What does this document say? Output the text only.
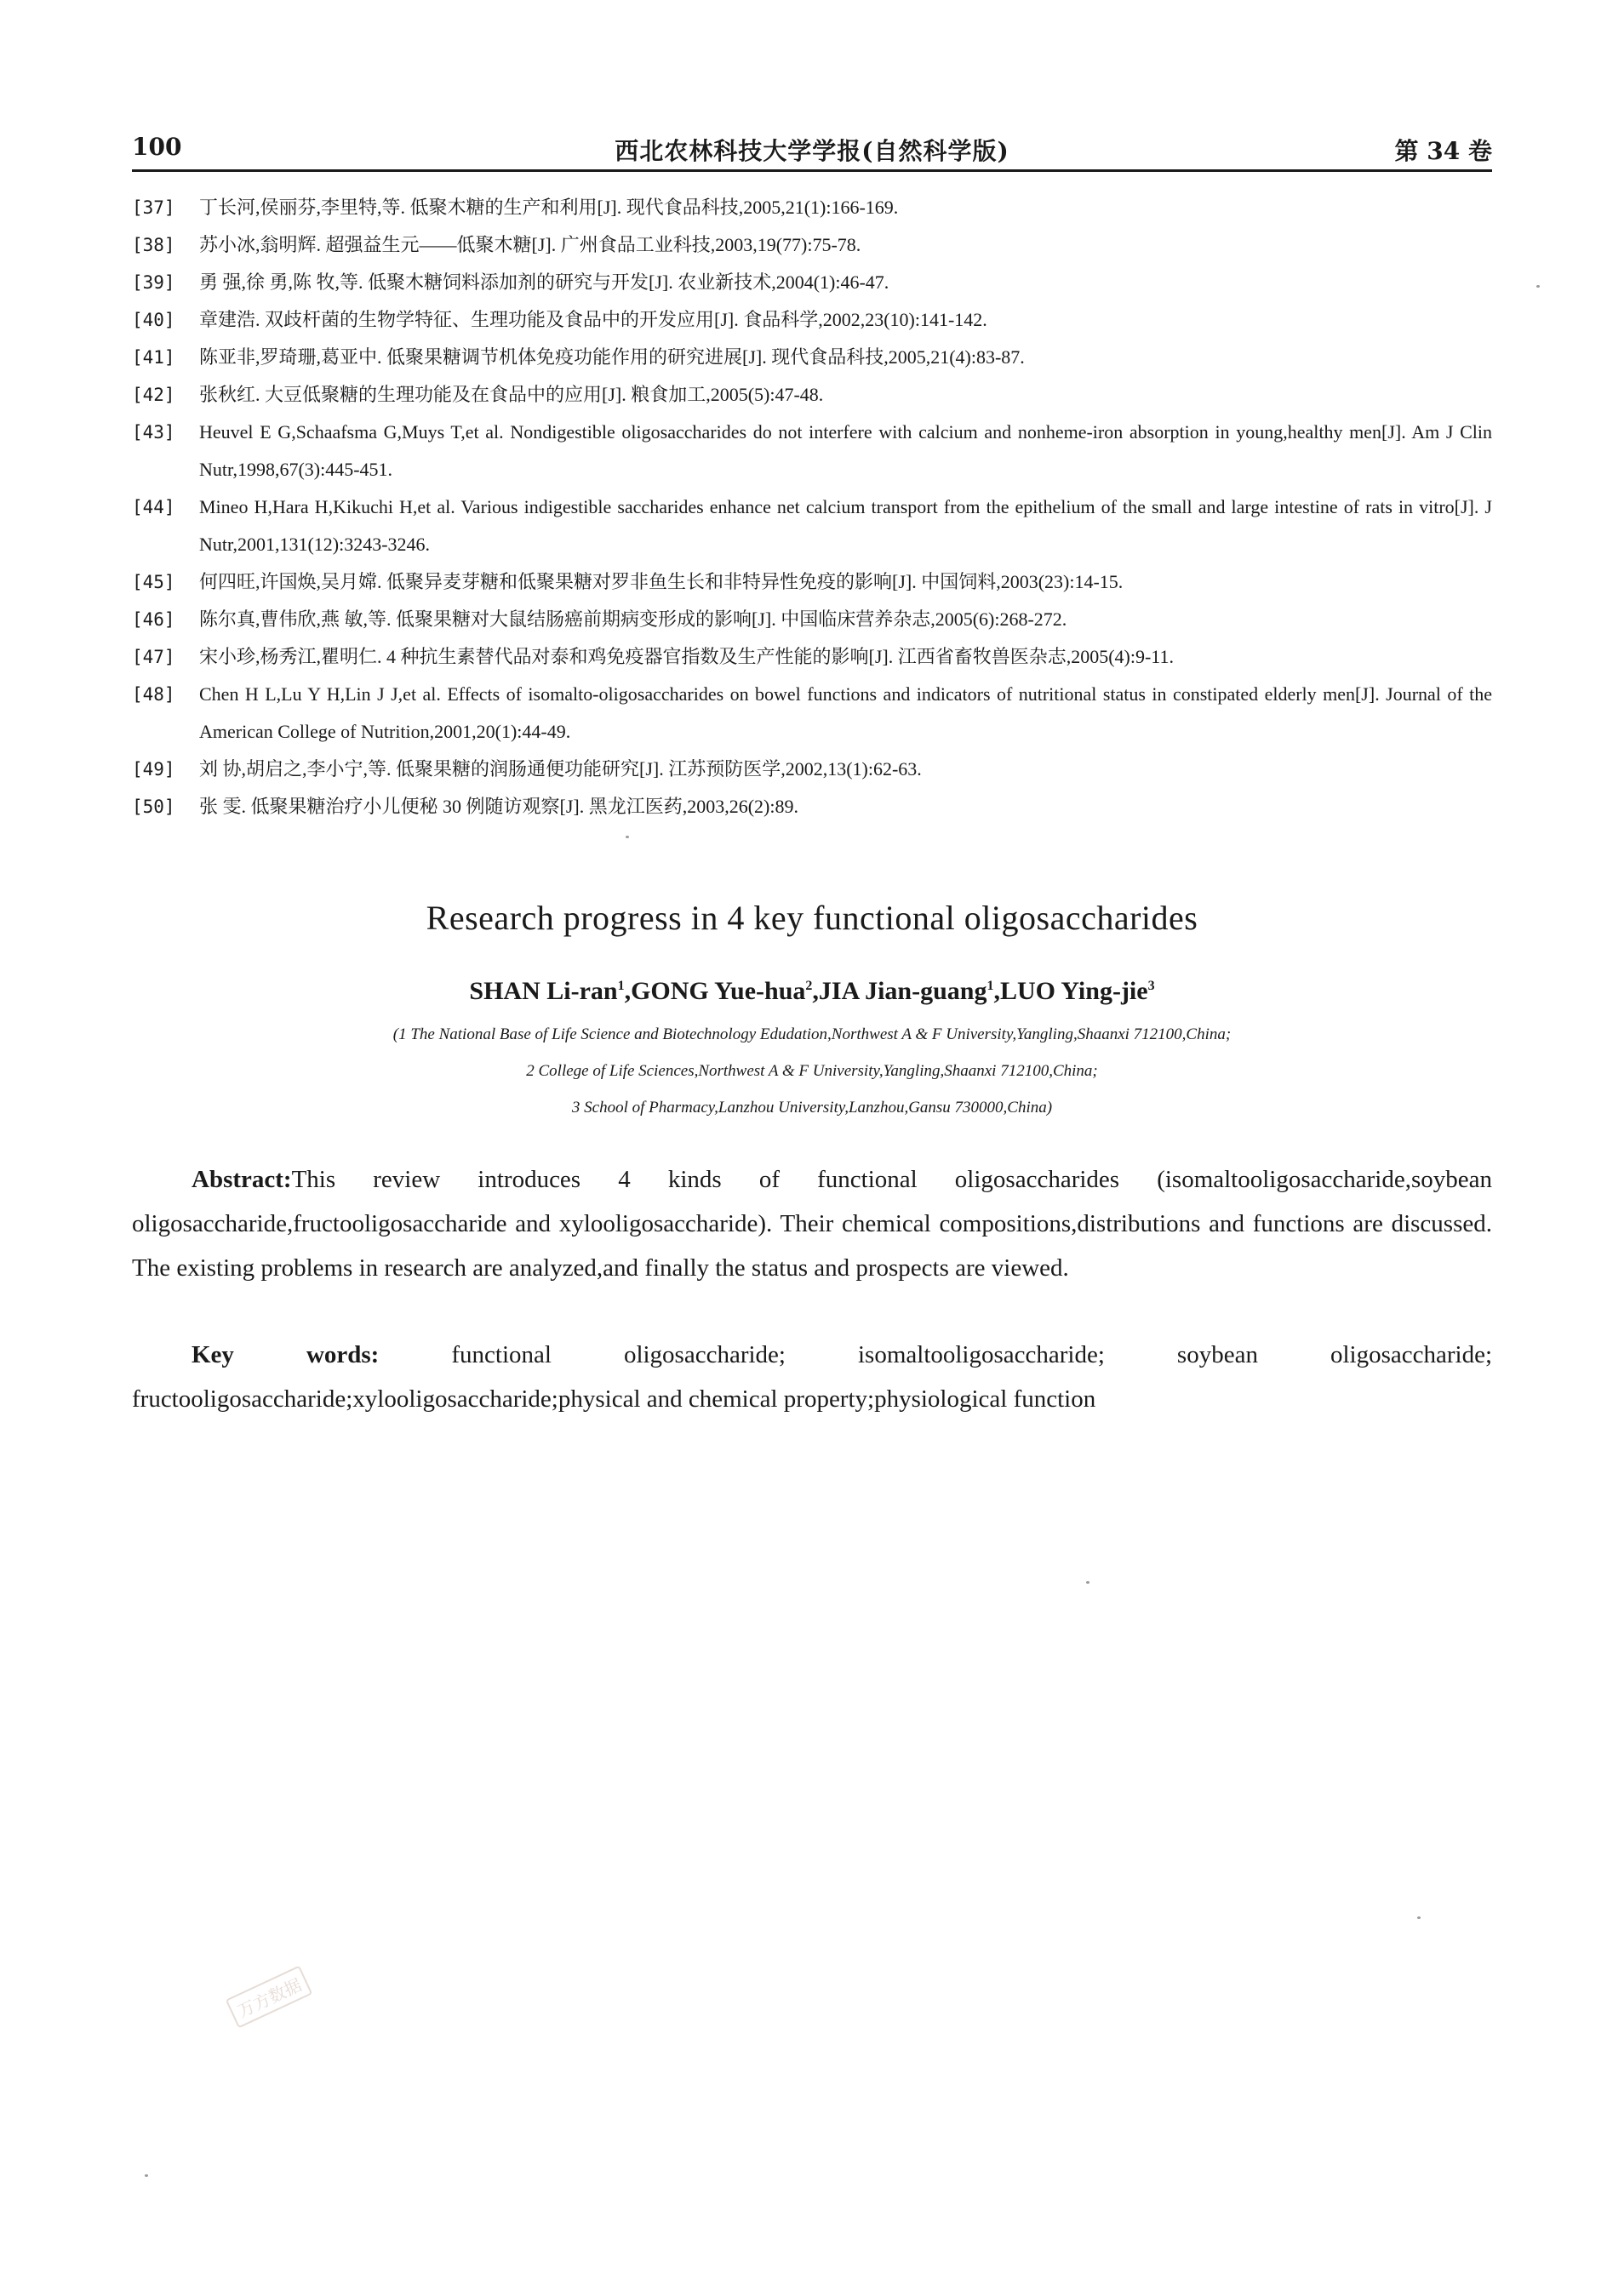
100	西北农林科技大学学报(自然科学版)	第 34 卷
[37]	丁长河,侯丽芬,李里特,等. 低聚木糖的生产和利用[J]. 现代食品科技,2005,21(1):166-169.
[38]	苏小冰,翁明辉. 超强益生元——低聚木糖[J]. 广州食品工业科技,2003,19(77):75-78.
[39]	勇 强,徐 勇,陈 牧,等. 低聚木糖饲料添加剂的研究与开发[J]. 农业新技术,2004(1):46-47.
[40]	章建浩. 双歧杆菌的生物学特征、生理功能及食品中的开发应用[J]. 食品科学,2002,23(10):141-142.
[41]	陈亚非,罗琦珊,葛亚中. 低聚果糖调节机体免疫功能作用的研究进展[J]. 现代食品科技,2005,21(4):83-87.
[42]	张秋红. 大豆低聚糖的生理功能及在食品中的应用[J]. 粮食加工,2005(5):47-48.
[43]	Heuvel E G,Schaafsma G,Muys T,et al. Nondigestible oligosaccharides do not interfere with calcium and nonheme-iron absorption in young,healthy men[J]. Am J Clin Nutr,1998,67(3):445-451.
[44]	Mineo H,Hara H,Kikuchi H,et al. Various indigestible saccharides enhance net calcium transport from the epithelium of the small and large intestine of rats in vitro[J]. J Nutr,2001,131(12):3243-3246.
[45]	何四旺,许国焕,吴月嫦. 低聚异麦芽糖和低聚果糖对罗非鱼生长和非特异性免疫的影响[J]. 中国饲料,2003(23):14-15.
[46]	陈尔真,曹伟欣,燕 敏,等. 低聚果糖对大鼠结肠癌前期病变形成的影响[J]. 中国临床营养杂志,2005(6):268-272.
[47]	宋小珍,杨秀江,瞿明仁. 4 种抗生素替代品对泰和鸡免疫器官指数及生产性能的影响[J]. 江西省畜牧兽医杂志,2005(4):9-11.
[48]	Chen H L,Lu Y H,Lin J J,et al. Effects of isomalto-oligosaccharides on bowel functions and indicators of nutritional status in constipated elderly men[J]. Journal of the American College of Nutrition,2001,20(1):44-49.
[49]	刘 协,胡启之,李小宁,等. 低聚果糖的润肠通便功能研究[J]. 江苏预防医学,2002,13(1):62-63.
[50]	张 雯. 低聚果糖治疗小儿便秘 30 例随访观察[J]. 黑龙江医药,2003,26(2):89.
Research progress in 4 key functional oligosaccharides
SHAN Li-ran$^1$,GONG Yue-hua$^2$,JIA Jian-guang$^1$,LUO Ying-jie$^3$
(1 The National Base of Life Science and Biotechnology Edudation,Northwest A & F University,Yangling,Shaanxi 712100,China;
2 College of Life Sciences,Northwest A & F University,Yangling,Shaanxi 712100,China;
3 School of Pharmacy,Lanzhou University,Lanzhou,Gansu 730000,China)
Abstract:This review introduces 4 kinds of functional oligosaccharides (isomaltooligosaccharide,soybean oligosaccharide,fructooligosaccharide and xylooligosaccharide). Their chemical compositions,distributions and functions are discussed. The existing problems in research are analyzed,and finally the status and prospects are viewed.
Key words:	functional oligosaccharide; isomaltooligosaccharide; soybean oligosaccharide; fructooligosaccharide;xylooligosaccharide;physical and chemical property;physiological function
万方数据
